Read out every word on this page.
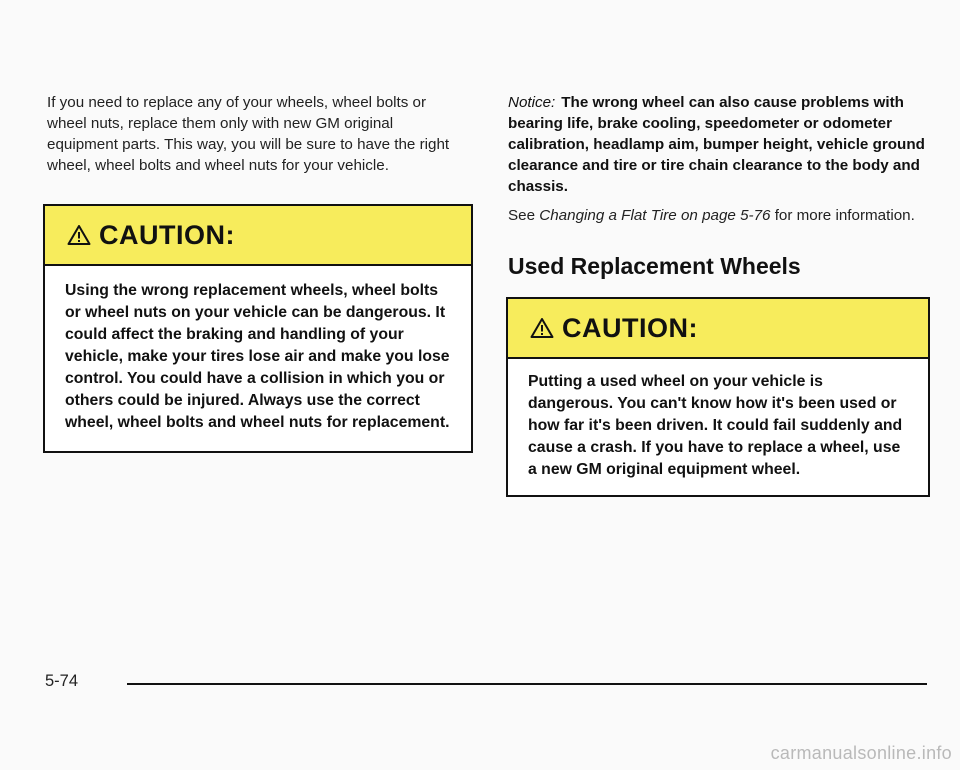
If you need to replace any of your wheels, wheel bolts or wheel nuts, replace them only with new GM original equipment parts. This way, you will be sure to have the right wheel, wheel bolts and wheel nuts for your vehicle.

CAUTION:
Using the wrong replacement wheels, wheel bolts or wheel nuts on your vehicle can be dangerous. It could affect the braking and handling of your vehicle, make your tires lose air and make you lose control. You could have a collision in which you or others could be injured. Always use the correct wheel, wheel bolts and wheel nuts for replacement.

Notice: The wrong wheel can also cause problems with bearing life, brake cooling, speedometer or odometer calibration, headlamp aim, bumper height, vehicle ground clearance and tire or tire chain clearance to the body and chassis.

See Changing a Flat Tire on page 5-76 for more information.

Used Replacement Wheels
CAUTION:
Putting a used wheel on your vehicle is dangerous. You can't know how it's been used or how far it's been driven. It could fail suddenly and cause a crash. If you have to replace a wheel, use a new GM original equipment wheel.
5-74
carmanualsonline.info
